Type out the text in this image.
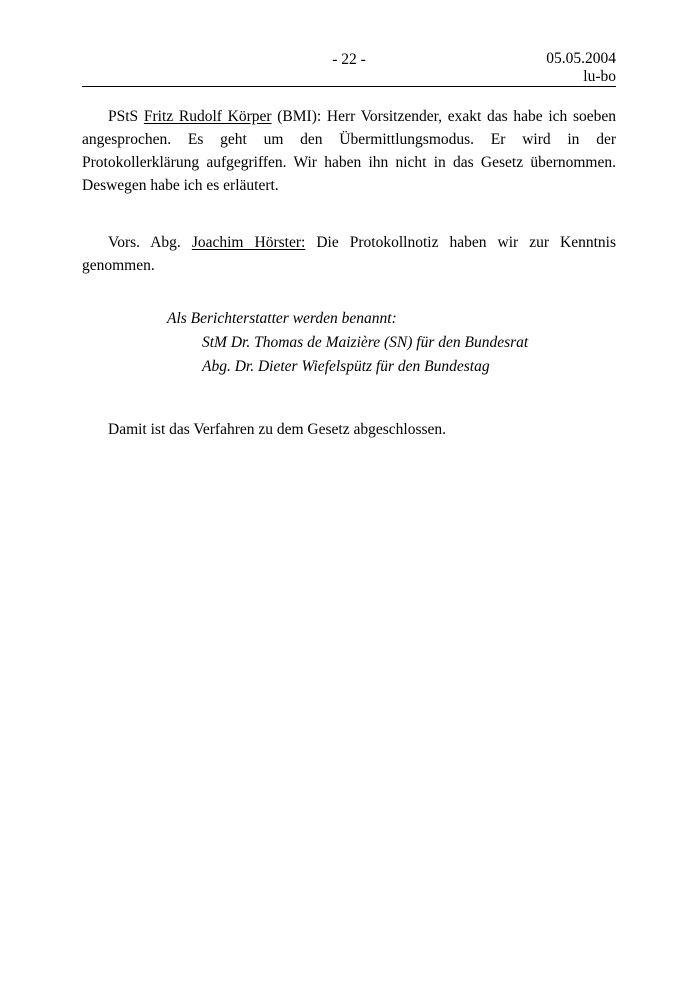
- 22 -	05.05.2004
lu-bo

PStS Fritz Rudolf Körper (BMI): Herr Vorsitzender, exakt das habe ich soeben angesprochen. Es geht um den Übermittlungsmodus. Er wird in der Protokollerklärung aufgegriffen. Wir haben ihn nicht in das Gesetz übernommen. Deswegen habe ich es erläutert.

Vors. Abg. Joachim Hörster: Die Protokollnotiz haben wir zur Kenntnis genommen.

Als Berichterstatter werden benannt:
StM Dr. Thomas de Maizière (SN) für den Bundesrat
Abg. Dr. Dieter Wiefelspütz für den Bundestag

Damit ist das Verfahren zu dem Gesetz abgeschlossen.
